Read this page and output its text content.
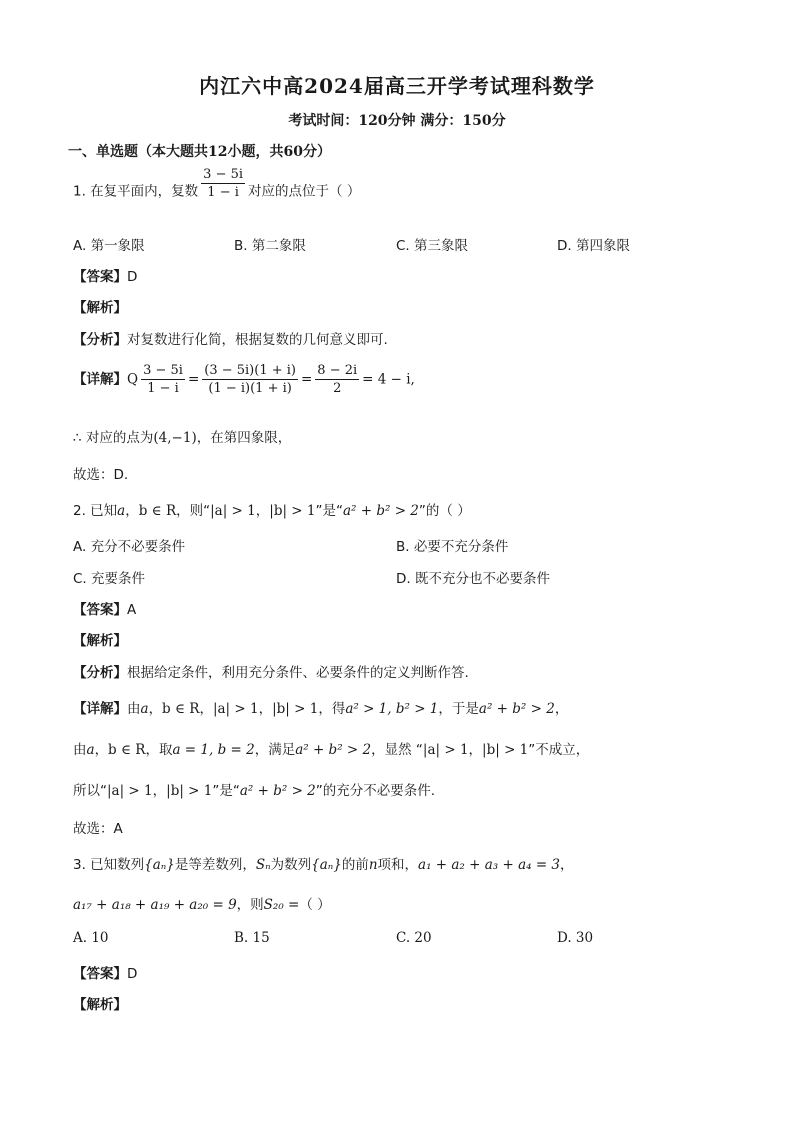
内江六中高2024届高三开学考试理科数学
考试时间：120分钟 满分：150分
一、单选题（本大题共12小题，共60分）
1. 在复平面内，复数 $\frac{3 - 5i}{1 - i}$ 对应的点位于（ ）
A. 第一象限	B. 第二象限	C. 第三象限	D. 第四象限
【答案】D
【解析】
【分析】对复数进行化简，根据复数的几何意义即可.
【详解】Q $\frac{3 - 5i}{1 - i} = \frac{(3 - 5i)(1 + i)}{(1 - i)(1 + i)} = \frac{8 - 2i}{2} = 4 - i$,
∴ 对应的点为(4,−1)，在第四象限，
故选：D.
2. 已知a，b ∈ R，则“|a| > 1，|b| > 1”是“a² + b² > 2”的（ ）
A. 充分不必要条件	B. 必要不充分条件
C. 充要条件	D. 既不充分也不必要条件
【答案】A
【解析】
【分析】根据给定条件，利用充分条件、必要条件的定义判断作答.
【详解】由a，b ∈ R，|a| > 1，|b| > 1，得a² > 1, b² > 1，于是a² + b² > 2，
由a，b ∈ R，取a = 1, b = 2，满足a² + b² > 2，显然 “|a| > 1，|b| > 1”不成立，
所以“|a| > 1，|b| > 1”是“a² + b² > 2”的充分不必要条件.
故选：A
3. 已知数列{aₙ}是等差数列，Sₙ为数列{aₙ}的前n项和，a₁ + a₂ + a₃ + a₄ = 3，
a₁₇ + a₁₈ + a₁₉ + a₂₀ = 9，则S₂₀ =（ ）
A. 10	B. 15	C. 20	D. 30
【答案】D
【解析】
